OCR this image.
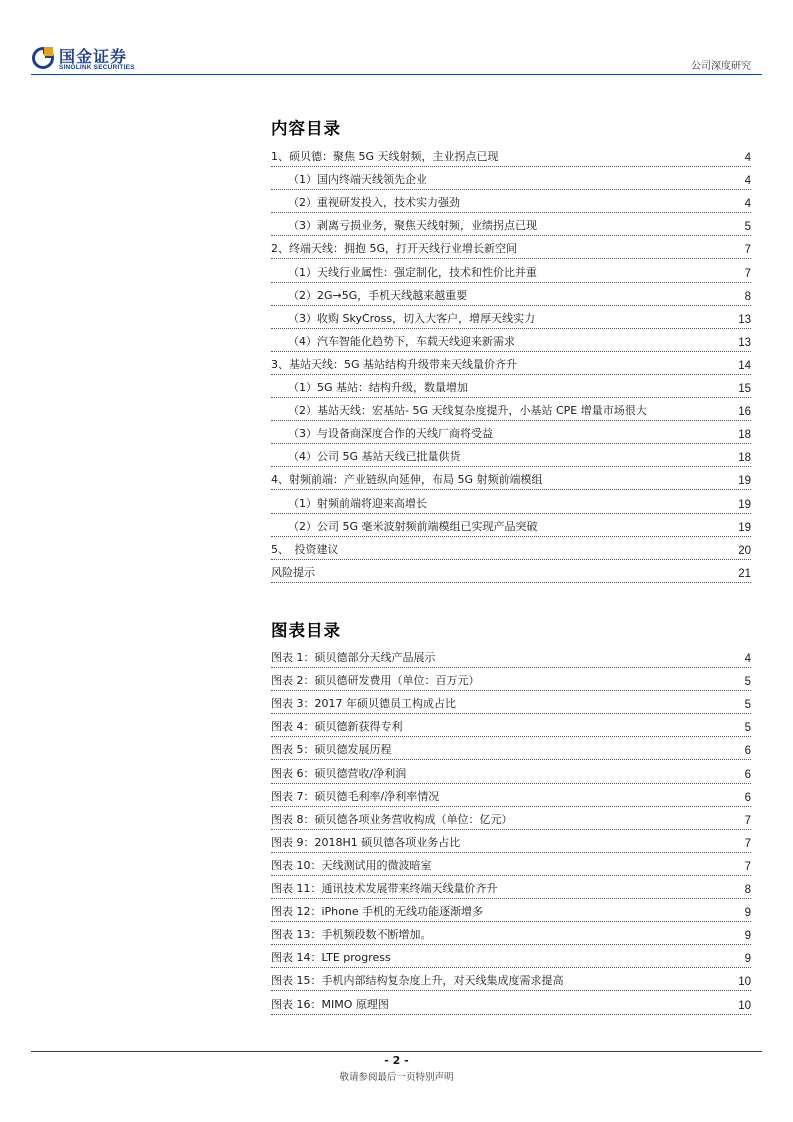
国金证券
SINOLINK SECURITIES	公司深度研究
内容目录
1、硕贝德：聚焦 5G 天线射频，主业拐点已现	4
（1）国内终端天线领先企业	4
（2）重视研发投入，技术实力强劲	4
（3）剥离亏损业务，聚焦天线射频，业绩拐点已现	5
2、终端天线：拥抱 5G，打开天线行业增长新空间	7
（1）天线行业属性：强定制化，技术和性价比并重	7
（2）2G→5G，手机天线越来越重要	8
（3）收购 SkyCross，切入大客户，增厚天线实力	13
（4）汽车智能化趋势下，车载天线迎来新需求	13
3、基站天线：5G 基站结构升级带来天线量价齐升	14
（1）5G 基站：结构升级，数量增加	15
（2）基站天线：宏基站- 5G 天线复杂度提升，小基站 CPE 增量市场很大	16
（3）与设备商深度合作的天线厂商将受益	18
（4）公司 5G 基站天线已批量供货	18
4、射频前端：产业链纵向延伸，布局 5G 射频前端模组	19
（1）射频前端将迎来高增长	19
（2）公司 5G 毫米波射频前端模组已实现产品突破	19
5、　投资建议	20
风险提示	21
图表目录
图表 1：硕贝德部分天线产品展示	4
图表 2：硕贝德研发费用（单位：百万元）	5
图表 3：2017 年硕贝德员工构成占比	5
图表 4：硕贝德新获得专利	5
图表 5：硕贝德发展历程	6
图表 6：硕贝德营收/净利润	6
图表 7：硕贝德毛利率/净利率情况	6
图表 8：硕贝德各项业务营收构成（单位：亿元）	7
图表 9：2018H1 硕贝德各项业务占比	7
图表 10：天线测试用的微波暗室	7
图表 11：通讯技术发展带来终端天线量价齐升	8
图表 12：iPhone 手机的无线功能逐渐增多	9
图表 13：手机频段数不断增加。	9
图表 14：LTE progress	9
图表 15：手机内部结构复杂度上升，对天线集成度需求提高	10
图表 16：MIMO 原理图	10
- 2 -
敬请参阅最后一页特别声明
